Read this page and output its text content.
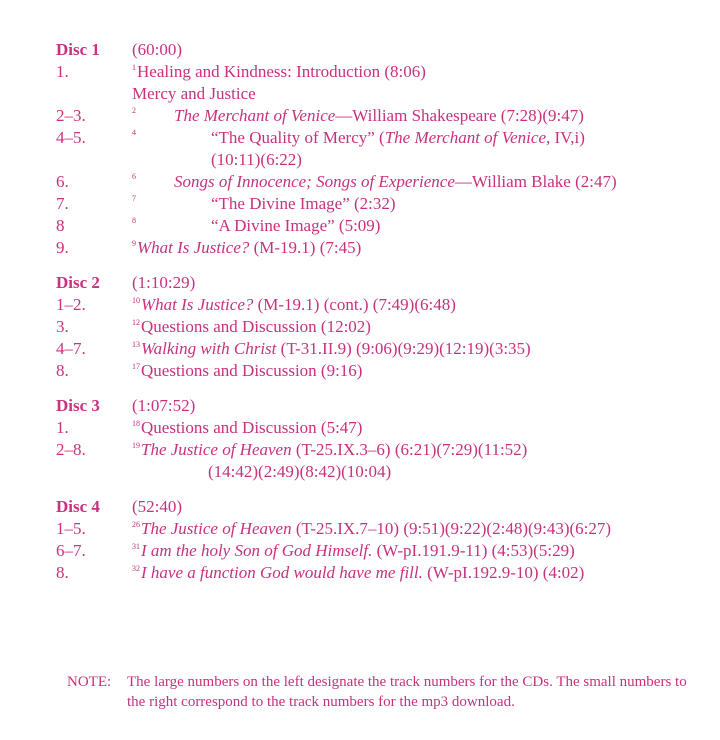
Disc 1 (60:00)
1.	$^1$Healing and Kindness: Introduction (8:06)
Mercy and Justice
2–3.	$^2$ The Merchant of Venice—William Shakespeare (7:28)(9:47)
4–5.	$^4$	“The Quality of Mercy” (The Merchant of Venice, IV,i)
(10:11)(6:22)
6.	$^6$ Songs of Innocence; Songs of Experience—William Blake (2:47)
7.	$^7$	“The Divine Image” (2:32)
8	$^8$	“A Divine Image” (5:09)
9.	$^9$What Is Justice? (M-19.1) (7:45)
Disc 2 (1:10:29)
1–2.	$^{10}$What Is Justice? (M-19.1) (cont.) (7:49)(6:48)
3.	$^{12}$Questions and Discussion (12:02)
4–7.	$^{13}$Walking with Christ (T-31.II.9) (9:06)(9:29)(12:19)(3:35)
8.	$^{17}$Questions and Discussion (9:16)
Disc 3 (1:07:52)
1.	$^{18}$Questions and Discussion (5:47)
2–8.	$^{19}$The Justice of Heaven (T-25.IX.3–6) (6:21)(7:29)(11:52)
(14:42)(2:49)(8:42)(10:04)
Disc 4 (52:40)
1–5.	$^{26}$The Justice of Heaven (T-25.IX.7–10) (9:51)(9:22)(2:48)(9:43)(6:27)
6–7.	$^{31}$I am the holy Son of God Himself. (W-pI.191.9-11) (4:53)(5:29)
8.	$^{32}$I have a function God would have me fill. (W-pI.192.9-10) (4:02)
NOTE: The large numbers on the left designate the track numbers for the CDs. The small numbers to the right correspond to the track numbers for the mp3 download.
